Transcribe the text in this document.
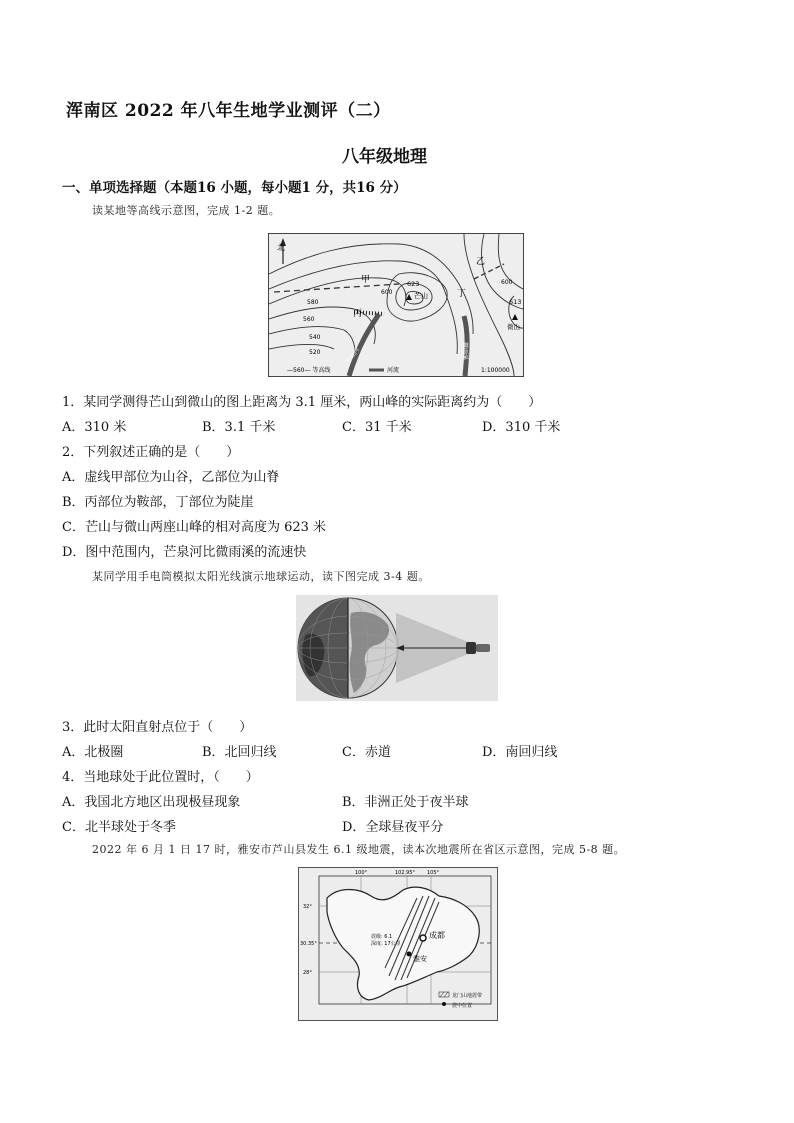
浑南区 2022 年八年生地学业测评（二）
八年级地理
一、单项选择题（本题16 小题，每小题1 分，共16 分）
读某地等高线示意图，完成 1-2 题。
北
甲
乙
丙
丁
623
芒山
613
微山
600
580
560
540
520
600
芒泉河	微雨溪
—560— 等高线	河流	1:100000
1．某同学测得芒山到微山的图上距离为 3.1 厘米，两山峰的实际距离约为（　　）
A．310 米	B．3.1 千米	C．31 千米	D．310 千米
2．下列叙述正确的是（　　）
A．虚线甲部位为山谷，乙部位为山脊
B．丙部位为鞍部，丁部位为陡崖
C．芒山与微山两座山峰的相对高度为 623 米
D．图中范围内，芒泉河比微雨溪的流速快
某同学用手电筒模拟太阳光线演示地球运动，读下图完成 3-4 题。
3．此时太阳直射点位于（　　）
A．北极圈	B．北回归线	C．赤道	D．南回归线
4．当地球处于此位置时，（　　）
A．我国北方地区出现极昼现象	B．非洲正处于夜半球
C．北半球处于冬季	D．全球昼夜平分
2022 年 6 月 1 日 17 时，雅安市芦山县发生 6.1 级地震，读本次地震所在省区示意图，完成 5-8 题。
成都
雅安
震级: 6.1
深度: 17公里
100°	102.95° 105°
32°
30.35°
28°
龙门山地震带
震中位置
